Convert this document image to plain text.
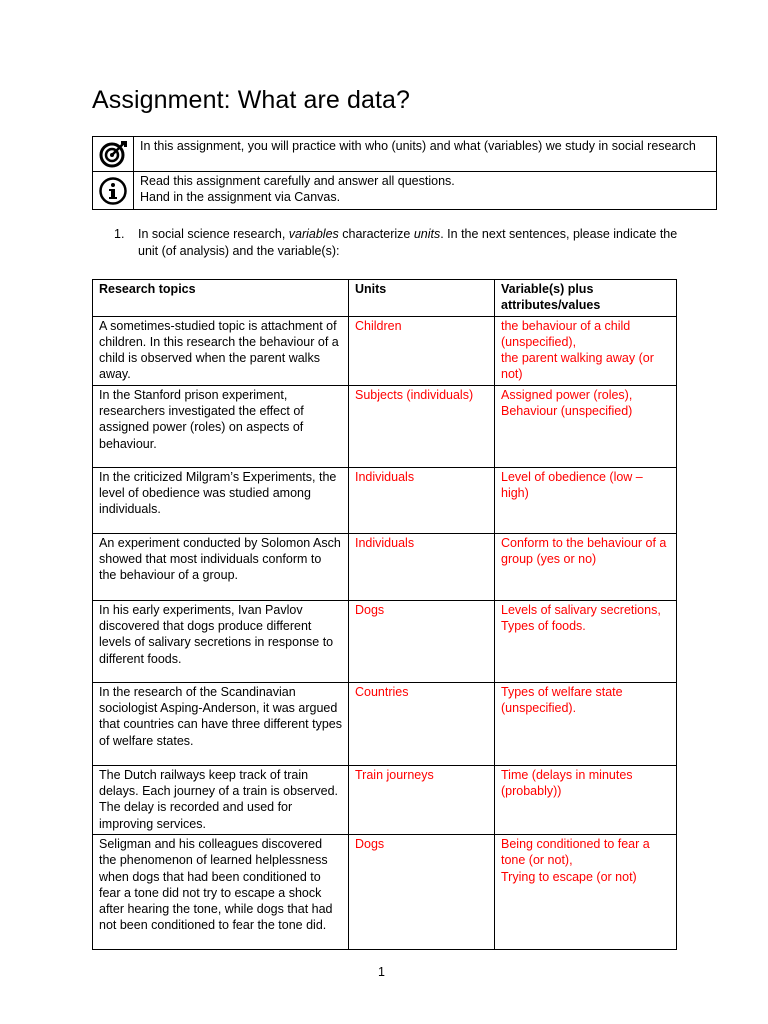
Assignment: What are data?
	In this assignment, you will practice with who (units) and what (variables) we study in social research

Read this assignment carefully and answer all questions.
Hand in the assignment via Canvas.
1. In social science research, variables characterize units. In the next sentences, please indicate the unit (of analysis) and the variable(s):
Research topics	Units	Variable(s) plus attributes/values
A sometimes-studied topic is attachment of children. In this research the behaviour of a child is observed when the parent walks away.	Children	the behaviour of a child (unspecified),
the parent walking away (or not)

In the Stanford prison experiment, researchers investigated the effect of assigned power (roles) on aspects of behaviour.	Subjects (individuals)	Assigned power (roles),
Behaviour (unspecified)

In the criticized Milgram’s Experiments, the level of obedience was studied among individuals.	Individuals	Level of obedience (low – high)

An experiment conducted by Solomon Asch showed that most individuals conform to the behaviour of a group.	Individuals	Conform to the behaviour of a group (yes or no)

In his early experiments, Ivan Pavlov discovered that dogs produce different levels of salivary secretions in response to different foods.	Dogs	Levels of salivary secretions,
Types of foods.

In the research of the Scandinavian sociologist Asping-Anderson, it was argued that countries can have three different types of welfare states.	Countries	Types of welfare state (unspecified).

The Dutch railways keep track of train delays. Each journey of a train is observed. The delay is recorded and used for improving services.	Train journeys	Time (delays in minutes (probably))

Seligman and his colleagues discovered the phenomenon of learned helplessness when dogs that had been conditioned to fear a tone did not try to escape a shock after hearing the tone, while dogs that had not been conditioned to fear the tone did.	Dogs	Being conditioned to fear a tone (or not),
Trying to escape (or not)
1
